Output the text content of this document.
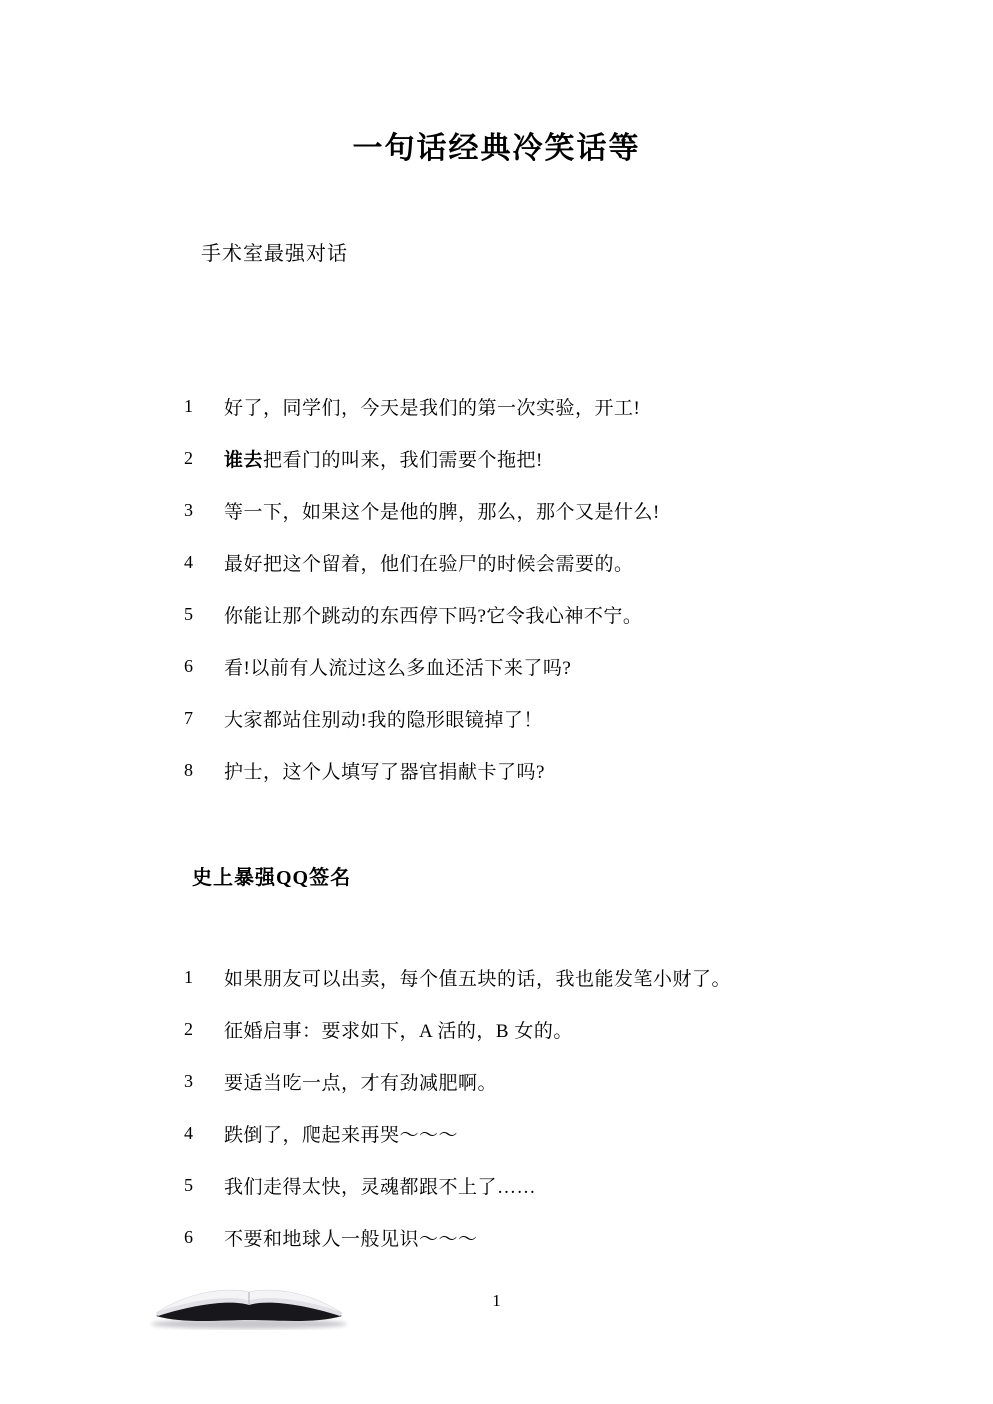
一句话经典冷笑话等
手术室最强对话
1	好了，同学们，今天是我们的第一次实验，开工!
2	谁去 把看门的叫来，我们需要个拖把!
3	等一下，如果这个是他的脾，那么，那个又是什么!
4	最好把这个留着，他们在验尸的时候会需要的。
5	你能让那个跳动的东西停下吗?它令我心神不宁。
6	看!以前有人流过这么多血还活下来了吗?
7	大家都站住别动!我的隐形眼镜掉了！
8	护士，这个人填写了器官捐献卡了吗?
史上暴强QQ签名
1	如果朋友可以出卖，每个值五块的话，我也能发笔小财了。
2	征婚启事：要求如下，A 活的，B 女的。
3	要适当吃一点，才有劲减肥啊。
4	跌倒了，爬起来再哭～～～
5	我们走得太快，灵魂都跟不上了……
6	不要和地球人一般见识～～～
1
